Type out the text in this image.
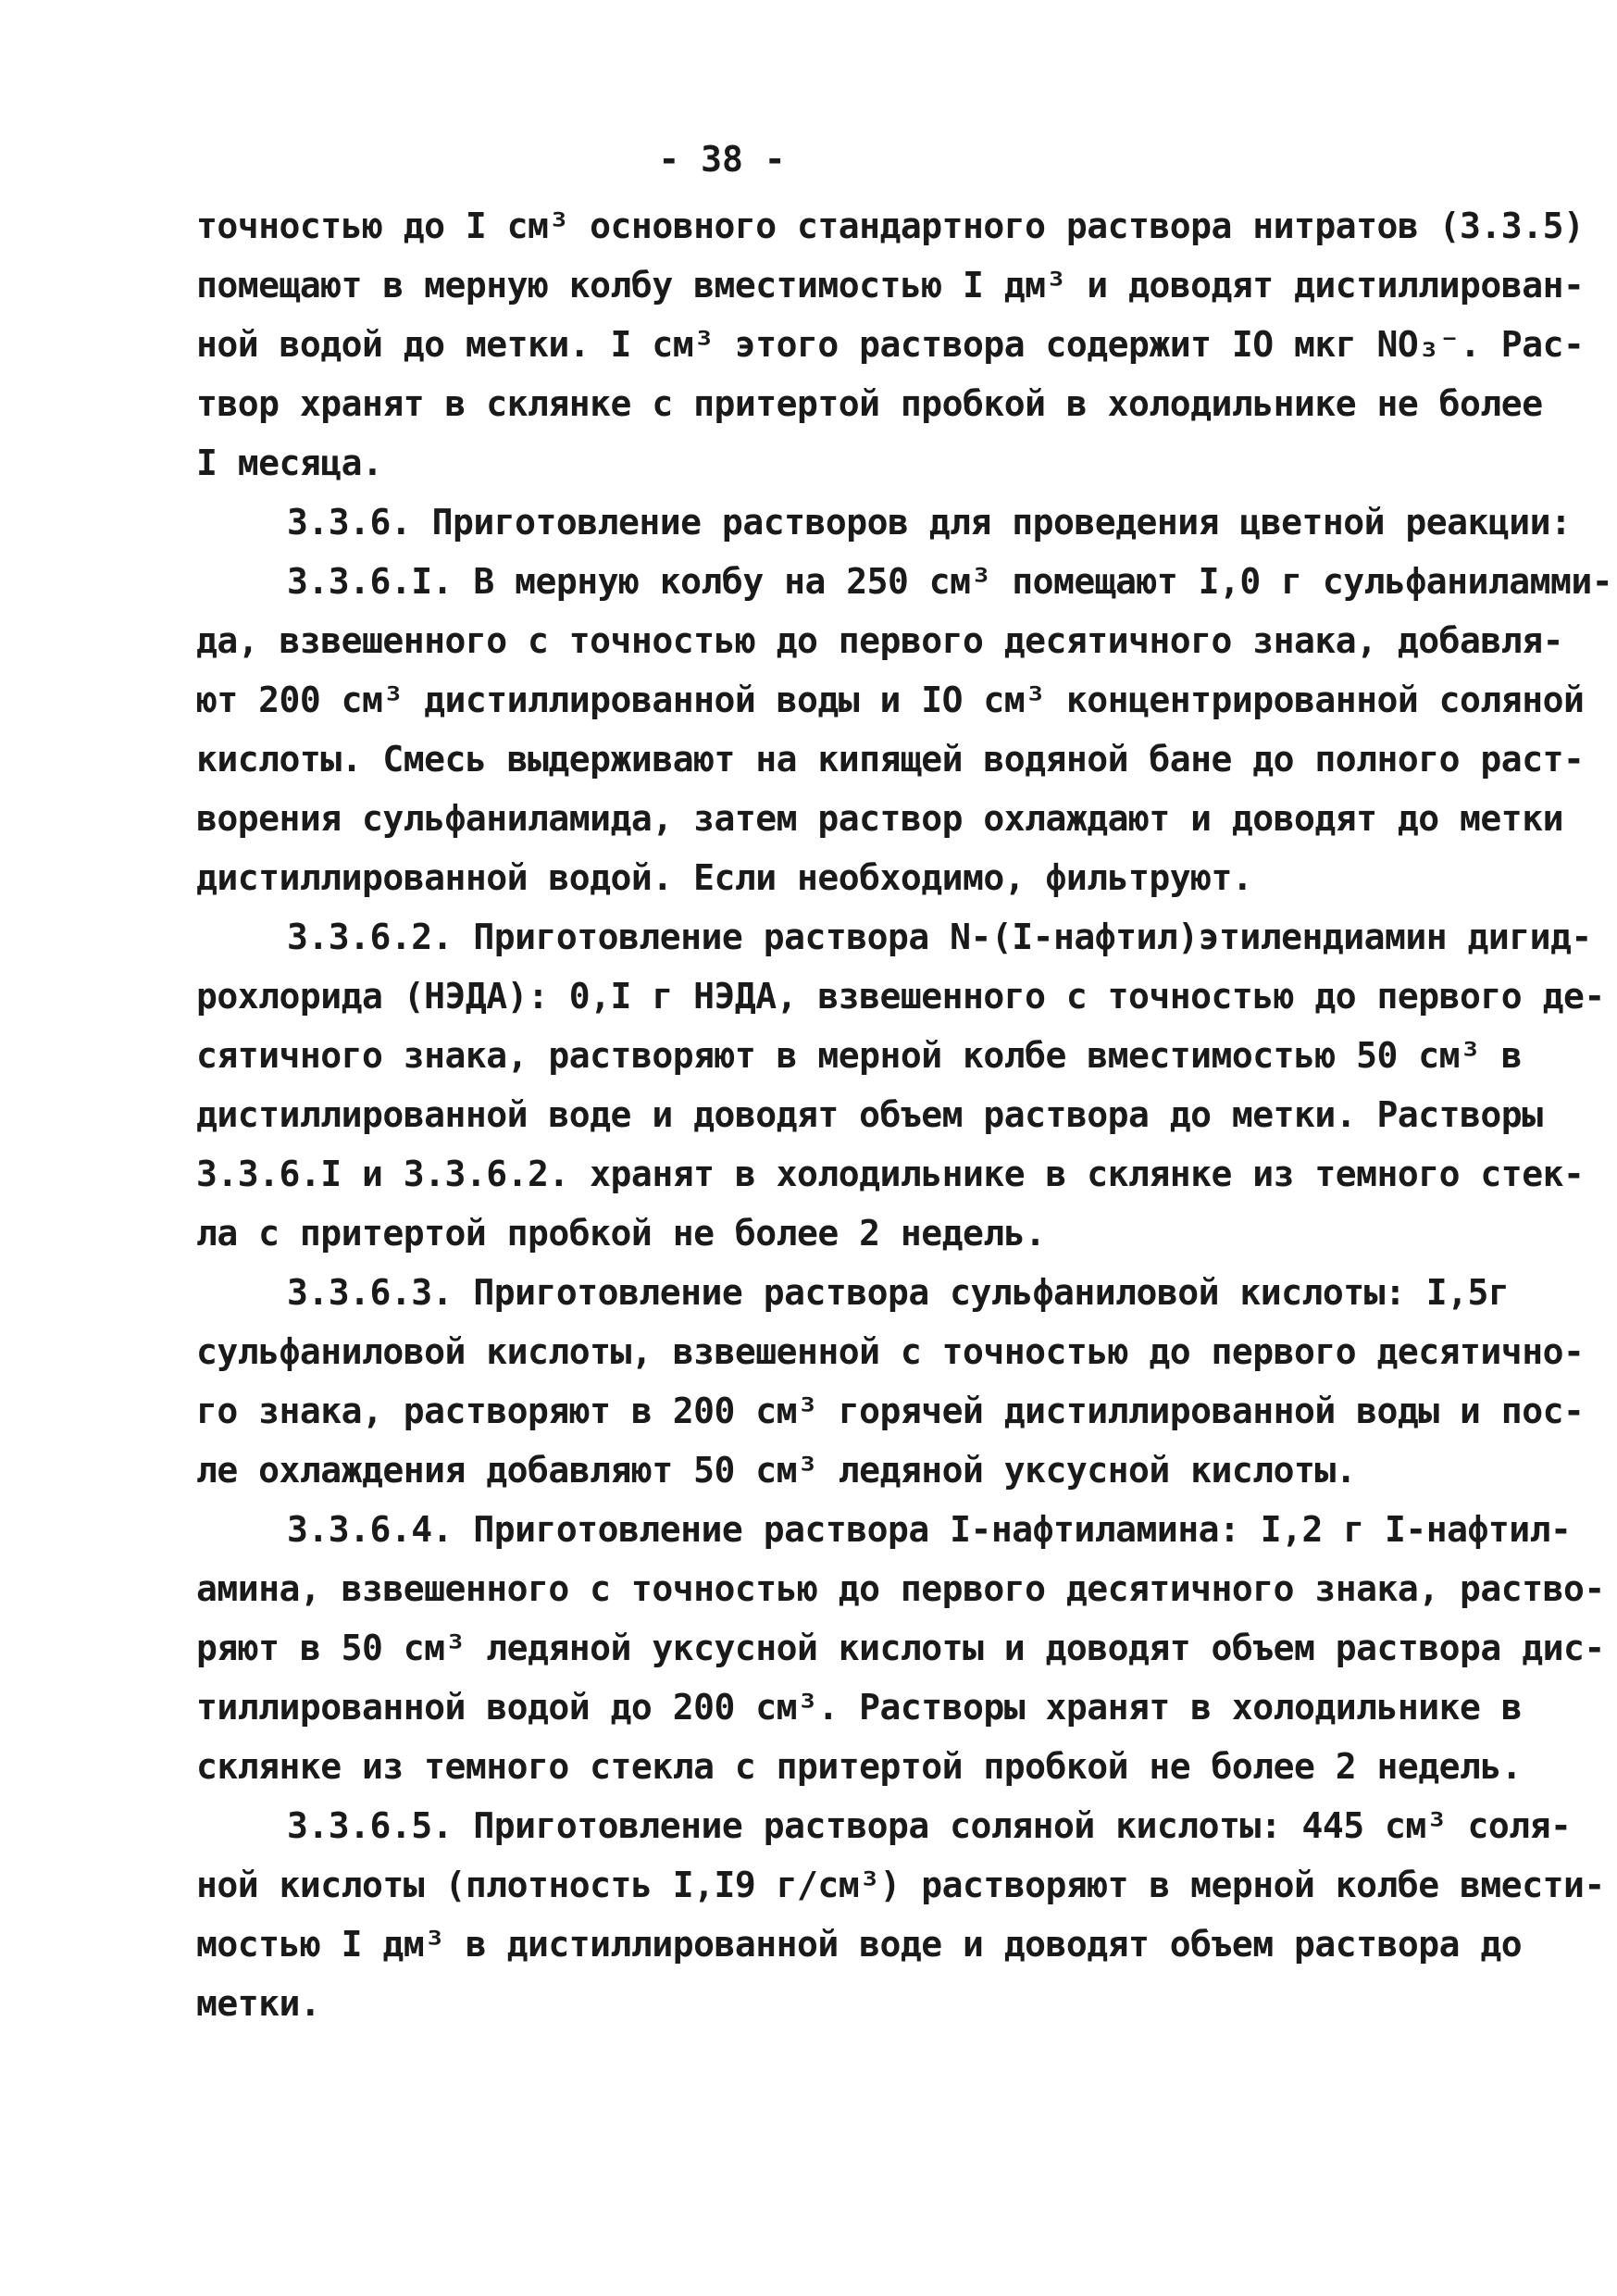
- 38 -
точностью до I см³ основного стандартного раствора нитратов (3.3.5)
помещают в мерную колбу вместимостью I дм³ и доводят дистиллирован-
ной водой до метки. I см³ этого раствора содержит IO мкг NO₃⁻. Рас-
твор хранят в склянке с притертой пробкой в холодильнике не более
I месяца.
3.3.6. Приготовление растворов для проведения цветной реакции:
3.3.6.I. В мерную колбу на 250 см³ помещают I,0 г сульфаниламми-
да, взвешенного с точностью до первого десятичного знака, добавля-
ют 200 см³ дистиллированной воды и IO см³ концентрированной соляной
кислоты. Смесь выдерживают на кипящей водяной бане до полного раст-
ворения сульфаниламида, затем раствор охлаждают и доводят до метки
дистиллированной водой. Если необходимо, фильтруют.
3.3.6.2. Приготовление раствора N-(I-нафтил)этилендиамин дигид-
рохлорида (НЭДА): 0,I г НЭДА, взвешенного с точностью до первого де-
сятичного знака, растворяют в мерной колбе вместимостью 50 см³ в
дистиллированной воде и доводят объем раствора до метки. Растворы
3.3.6.I и 3.3.6.2. хранят в холодильнике в склянке из темного стек-
ла с притертой пробкой не более 2 недель.
3.3.6.3. Приготовление раствора сульфаниловой кислоты: I,5г
сульфаниловой кислоты, взвешенной с точностью до первого десятично-
го знака, растворяют в 200 см³ горячей дистиллированной воды и пос-
ле охлаждения добавляют 50 см³ ледяной уксусной кислоты.
3.3.6.4. Приготовление раствора I-нафтиламина: I,2 г I-нафтил-
амина, взвешенного с точностью до первого десятичного знака, раство-
ряют в 50 см³ ледяной уксусной кислоты и доводят объем раствора дис-
тиллированной водой до 200 см³. Растворы хранят в холодильнике в
склянке из темного стекла с притертой пробкой не более 2 недель.
3.3.6.5. Приготовление раствора соляной кислоты: 445 см³ соля-
ной кислоты (плотность I,I9 г/см³) растворяют в мерной колбе вмести-
мостью I дм³ в дистиллированной воде и доводят объем раствора до
метки.
